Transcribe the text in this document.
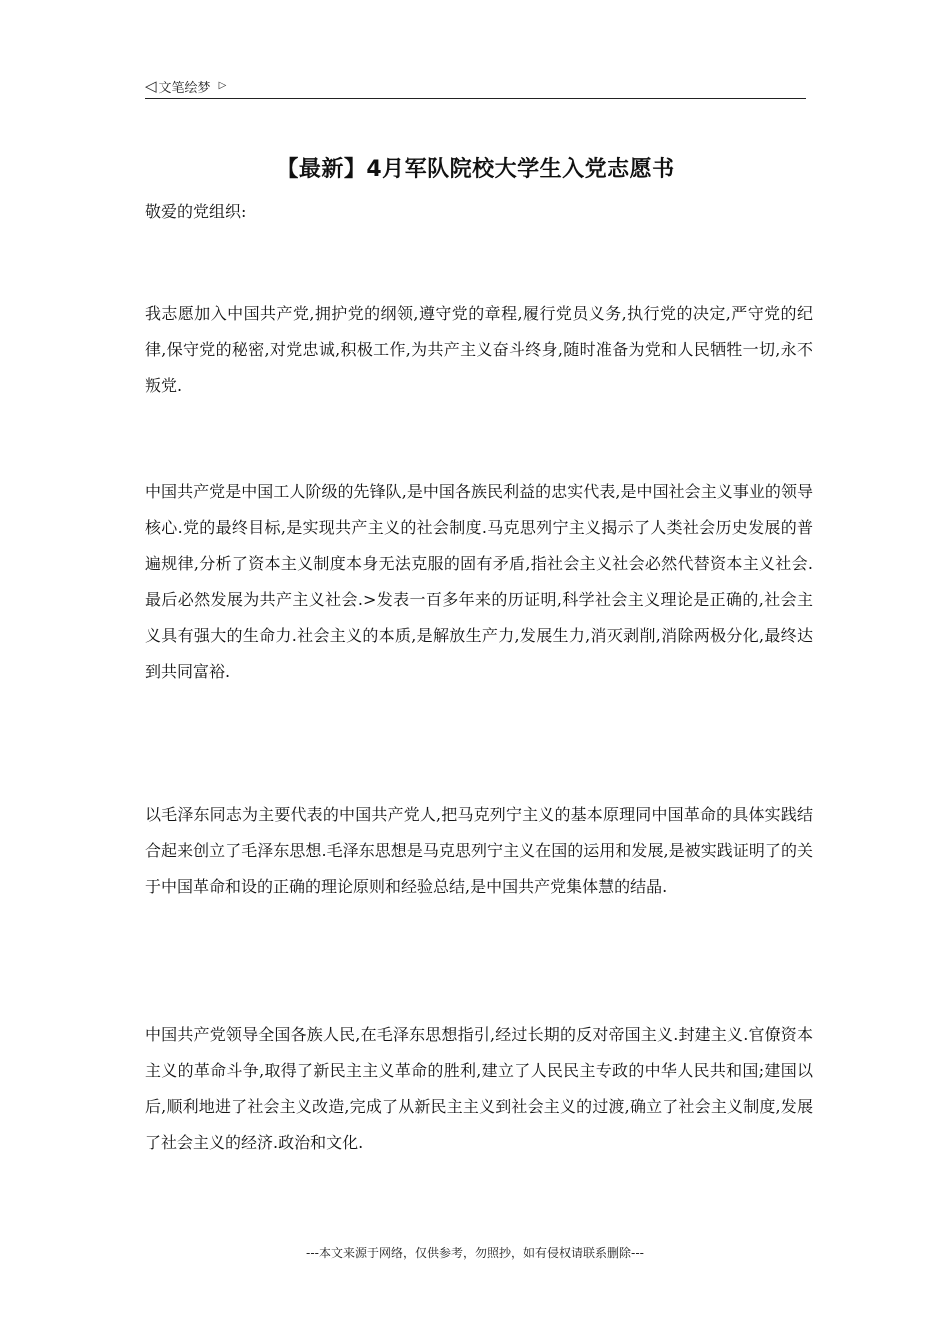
◁ 文笔绘梦 ▷
【最新】4月军队院校大学生入党志愿书
敬爱的党组织:

我志愿加入中国共产党,拥护党的纲领,遵守党的章程,履行党员义务,执行党的决定,严守党的纪律,保守党的秘密,对党忠诚,积极工作,为共产主义奋斗终身,随时准备为党和人民牺牲一切,永不叛党.

中国共产党是中国工人阶级的先锋队,是中国各族民利益的忠实代表,是中国社会主义事业的领导核心.党的最终目标,是实现共产主义的社会制度.马克思列宁主义揭示了人类社会历史发展的普遍规律,分析了资本主义制度本身无法克服的固有矛盾,指社会主义社会必然代替资本主义社会.最后必然发展为共产主义社会.>发表一百多年来的历证明,科学社会主义理论是正确的,社会主义具有强大的生命力.社会主义的本质,是解放生产力,发展生力,消灭剥削,消除两极分化,最终达到共同富裕.

以毛泽东同志为主要代表的中国共产党人,把马克列宁主义的基本原理同中国革命的具体实践结合起来创立了毛泽东思想.毛泽东思想是马克思列宁主义在国的运用和发展,是被实践证明了的关于中国革命和设的正确的理论原则和经验总结,是中国共产党集体慧的结晶.

中国共产党领导全国各族人民,在毛泽东思想指引,经过长期的反对帝国主义.封建主义.官僚资本主义的革命斗争,取得了新民主主义革命的胜利,建立了人民民主专政的中华人民共和国;建国以后,顺利地进了社会主义改造,完成了从新民主主义到社会主义的过渡,确立了社会主义制度,发展了社会主义的经济.政治和文化.

---本文来源于网络，仅供参考，勿照抄，如有侵权请联系删除---
